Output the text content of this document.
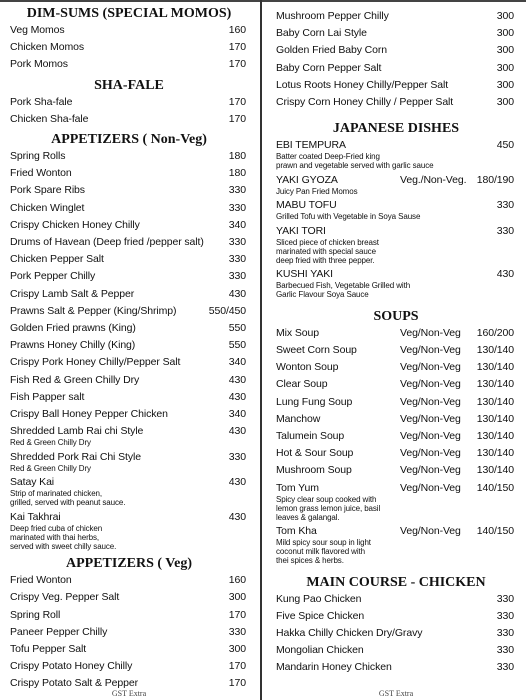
DIM-SUMS (SPECIAL MOMOS)
Veg Momos	160
Chicken Momos	170
Pork Momos	170
SHA-FALE
Pork Sha-fale	170
Chicken Sha-fale	170
APPETIZERS ( Non-Veg)
Spring Rolls	180
Fried Wonton	180
Pork Spare Ribs	330
Chicken Winglet	330
Crispy Chicken Honey Chilly	340
Drums of Havean (Deep fried /pepper salt)	330
Chicken Pepper Salt	330
Pork Pepper Chilly	330
Crispy Lamb Salt & Pepper	430
Prawns Salt & Pepper (King/Shrimp)	550/450
Golden Fried prawns (King)	550
Prawns Honey Chilly (King)	550
Crispy Pork Honey Chilly/Pepper Salt	340
Fish Red & Green Chilly Dry	430
Fish Papper salt	430
Crispy Ball Honey Pepper Chicken	340
Shredded Lamb Rai chi Style	430
Red & Green Chilly Dry
Shredded Pork Rai Chi Style	330
Red & Green Chilly Dry
Satay Kai	430
Strip of marinated chicken,
grilled, served with peanut sauce.
Kai Takhrai	430
Deep fried cuba of chicken
marinated with thai herbs,
served with sweet chilly sauce.
APPETIZERS ( Veg)
Fried Wonton	160
Crispy Veg. Pepper Salt	300
Spring Roll	170
Paneer Pepper Chilly	330
Tofu Pepper Salt	300
Crispy Potato Honey Chilly	170
Crispy Potato Salt & Pepper	170
GST Extra
Mushroom Pepper Chilly	300
Baby Corn Lai Style	300
Golden Fried Baby Corn	300
Baby Corn Pepper Salt	300
Lotus Roots Honey Chilly/Pepper Salt	300
Crispy Corn Honey Chilly / Pepper Salt	300
JAPANESE DISHES
EBI TEMPURA	450
Batter coated Deep-Fried king
prawn and vegetable served with garlic sauce
YAKI GYOZA	Veg./Non-Veg. 180/190
Juicy Pan Fried Momos
MABU TOFU	330
Grilled Tofu with Vegetable in Soya Sause
YAKI TORI	330
Sliced piece of chicken breast
marinated with special sauce
deep fried with three pepper.
KUSHI YAKI	430
Barbecued Fish, Vegetable Grilled with
Garlic Flavour Soya Sauce
SOUPS
Mix Soup	Veg/Non-Veg 160/200
Sweet Corn Soup	Veg/Non-Veg 130/140
Wonton Soup	Veg/Non-Veg 130/140
Clear Soup	Veg/Non-Veg 130/140
Lung Fung Soup	Veg/Non-Veg 130/140
Manchow	Veg/Non-Veg 130/140
Talumein Soup	Veg/Non-Veg 130/140
Hot & Sour Soup	Veg/Non-Veg 130/140
Mushroom Soup	Veg/Non-Veg 130/140
Tom Yum	Veg/Non-Veg 140/150
Spicy clear soup cooked with
lemon grass lemon juice, basil
leaves & galangal.
Tom Kha	Veg/Non-Veg 140/150
Mild spicy sour soup in light
coconut milk flavored with
thei spices & herbs.
MAIN COURSE - CHICKEN
Kung Pao Chicken	330
Five Spice Chicken	330
Hakka Chilly Chicken Dry/Gravy	330
Mongolian Chicken	330
Mandarin Honey Chicken	330
GST Extra
